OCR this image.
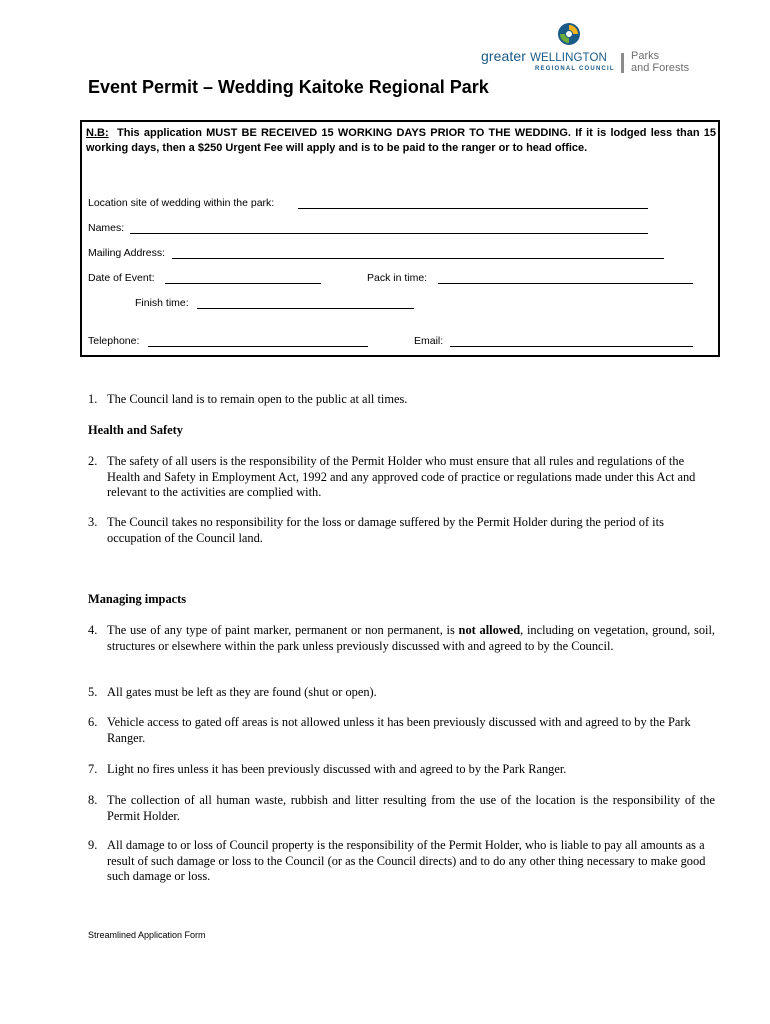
greater WELLINGTON
REGIONAL COUNCIL
Parks
and Forests
Event Permit – Wedding Kaitoke Regional Park
N.B: This application MUST BE RECEIVED 15 WORKING DAYS PRIOR TO THE WEDDING. If it is lodged less than 15 working days, then a $250 Urgent Fee will apply and is to be paid to the ranger or to head office.
Location site of wedding within the park:
Names:
Mailing Address:
Date of Event:	Pack in time:
Finish time:
Telephone:	Email:
1. The Council land is to remain open to the public at all times.
Health and Safety
2. The safety of all users is the responsibility of the Permit Holder who must ensure that all rules and regulations of the Health and Safety in Employment Act, 1992 and any approved code of practice or regulations made under this Act and relevant to the activities are complied with.
3. The Council takes no responsibility for the loss or damage suffered by the Permit Holder during the period of its occupation of the Council land.
Managing impacts
4. The use of any type of paint marker, permanent or non permanent, is not allowed, including on vegetation, ground, soil, structures or elsewhere within the park unless previously discussed with and agreed to by the Council.
5. All gates must be left as they are found (shut or open).
6. Vehicle access to gated off areas is not allowed unless it has been previously discussed with and agreed to by the Park Ranger.
7. Light no fires unless it has been previously discussed with and agreed to by the Park Ranger.
8. The collection of all human waste, rubbish and litter resulting from the use of the location is the responsibility of the Permit Holder.
9. All damage to or loss of Council property is the responsibility of the Permit Holder, who is liable to pay all amounts as a result of such damage or loss to the Council (or as the Council directs) and to do any other thing necessary to make good such damage or loss.
Streamlined Application Form
